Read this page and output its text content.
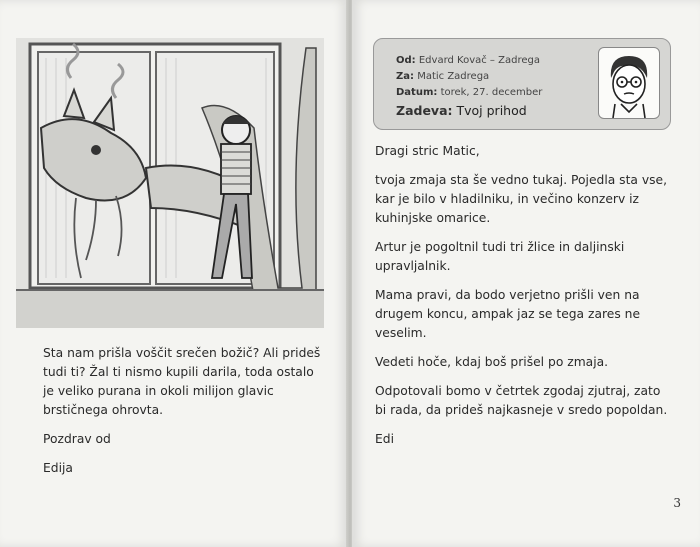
Sta nam prišla voščit srečen božič? Ali prideš tudi ti? Žal ti nismo kupili darila, toda ostalo je veliko purana in okoli milijon glavic brstičnega ohrovta.

Pozdrav od

Edija

Dragi stric Matic,

tvoja zmaja sta še vedno tukaj. Pojedla sta vse, kar je bilo v hladilniku, in večino konzerv iz kuhinjske omarice.

Artur je pogoltnil tudi tri žlice in daljinski upravljalnik.

Mama pravi, da bodo verjetno prišli ven na drugem koncu, ampak jaz se tega zares ne veselim.

Vedeti hoče, kdaj boš prišel po zmaja.

Odpotovali bomo v četrtek zgodaj zjutraj, zato bi rada, da prideš najkasneje v sredo popoldan.

Edi

3
Od: Edvard Kovač – Zadrega
Za: Matic Zadrega
Datum: torek, 27. december
Zadeva: Tvoj prihod
